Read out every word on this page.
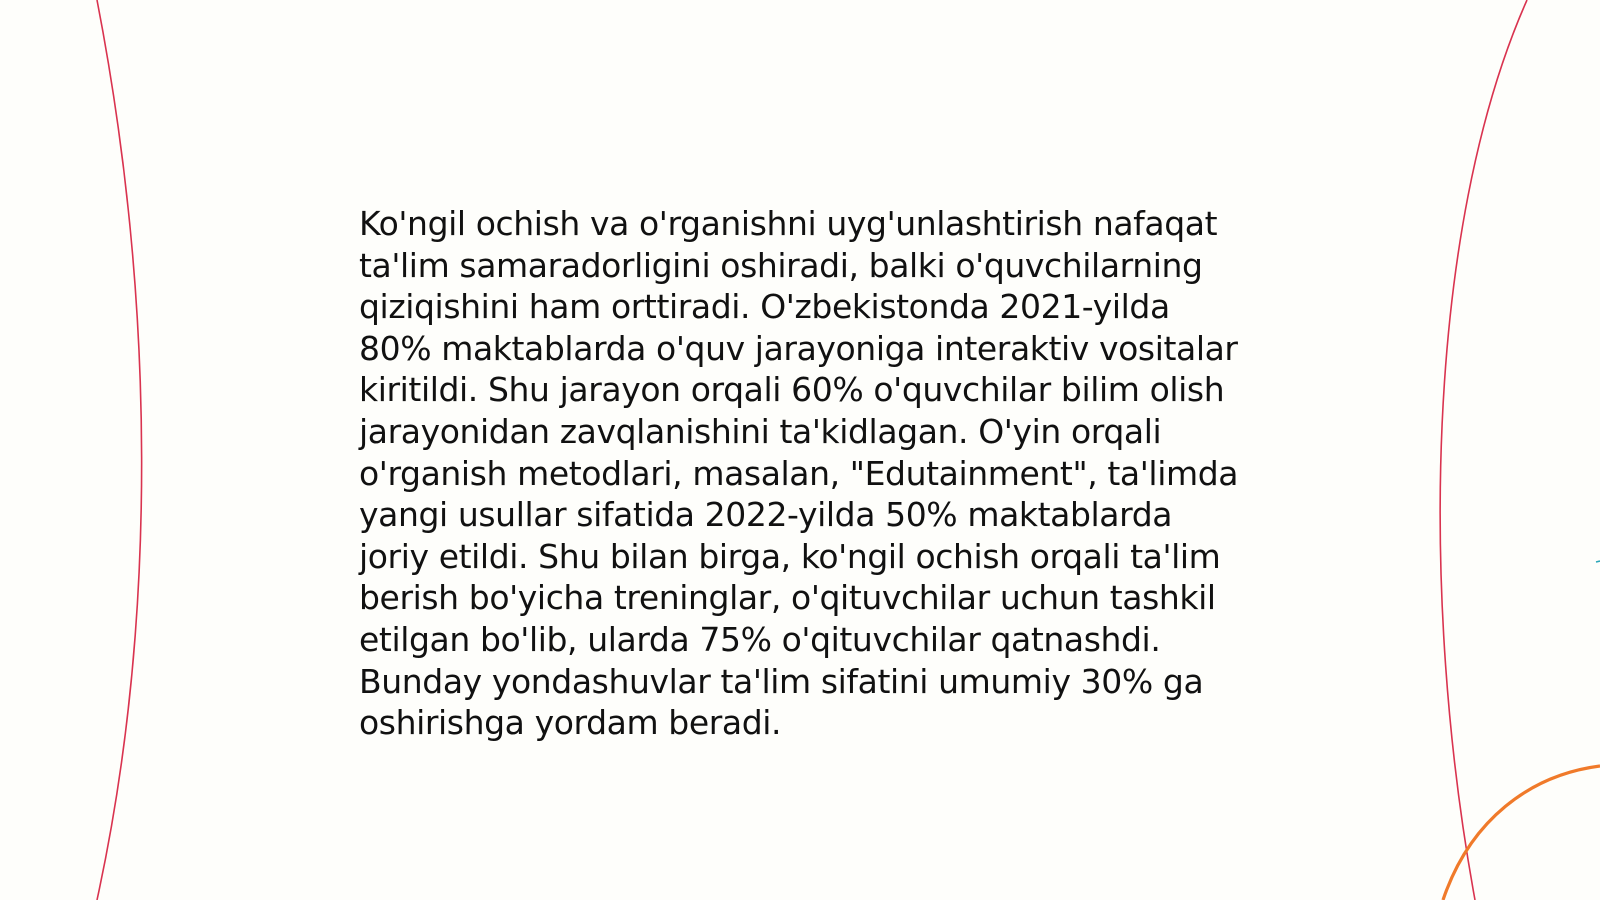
Ko'ngil ochish va o'rganishni uyg'unlashtirish nafaqat
ta'lim samaradorligini oshiradi, balki o'quvchilarning
qiziqishini ham orttiradi. O'zbekistonda 2021-yilda
80% maktablarda o'quv jarayoniga interaktiv vositalar
kiritildi. Shu jarayon orqali 60% o'quvchilar bilim olish
jarayonidan zavqlanishini ta'kidlagan. O'yin orqali
o'rganish metodlari, masalan, "Edutainment", ta'limda
yangi usullar sifatida 2022-yilda 50% maktablarda
joriy etildi. Shu bilan birga, ko'ngil ochish orqali ta'lim
berish bo'yicha treninglar, o'qituvchilar uchun tashkil
etilgan bo'lib, ularda 75% o'qituvchilar qatnashdi.
Bunday yondashuvlar ta'lim sifatini umumiy 30% ga
oshirishga yordam beradi.
